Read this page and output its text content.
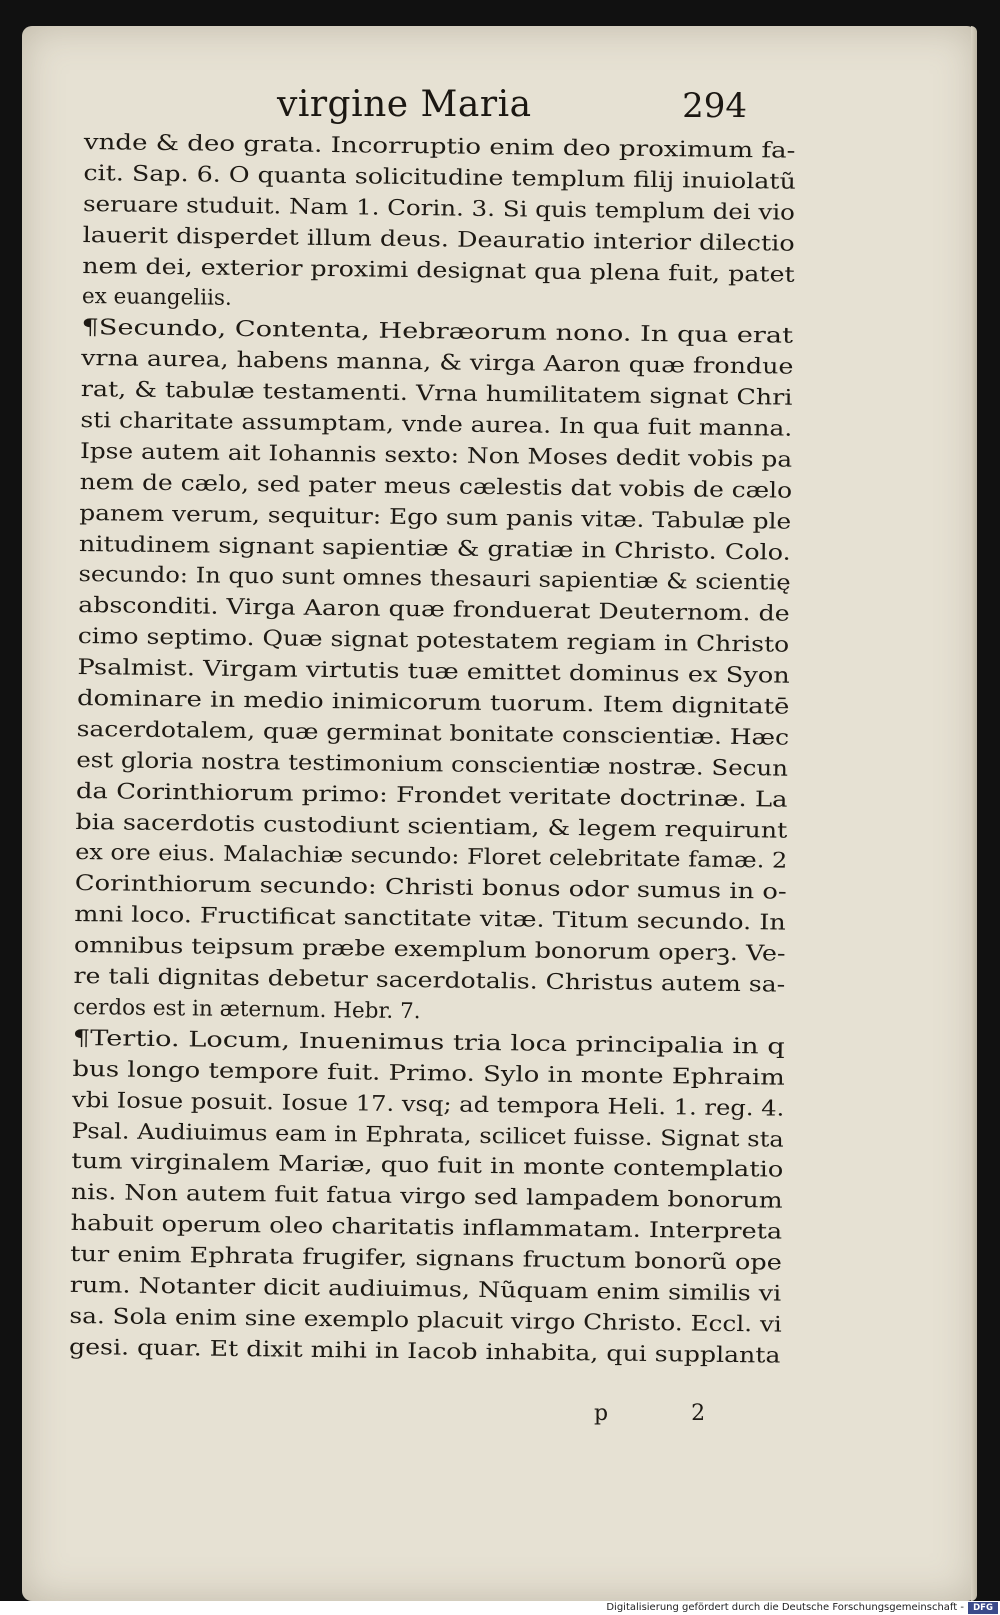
virgine Maria	294
vnde & deo grata. Incorruptio enim deo proximum fa-
cit. Sap. 6. O quanta solicitudine templum filij inuiolatũ
seruare studuit. Nam 1. Corin. 3. Si quis templum dei vio
lauerit disperdet illum deus. Deauratio interior dilectio
nem dei, exterior proximi designat qua plena fuit, patet
ex euangeliis.
¶Secundo, Contenta, Hebræorum nono. In qua erat
vrna aurea, habens manna, & virga Aaron quæ frondue
rat, & tabulæ testamenti. Vrna humilitatem signat Chri
sti charitate assumptam, vnde aurea. In qua fuit manna.
Ipse autem ait Iohannis sexto: Non Moses dedit vobis pa
nem de cælo, sed pater meus cælestis dat vobis de cælo
panem verum, sequitur: Ego sum panis vitæ. Tabulæ ple
nitudinem signant sapientiæ & gratiæ in Christo. Colo.
secundo: In quo sunt omnes thesauri sapientiæ & scientię
absconditi. Virga Aaron quæ fronduerat Deuternom. de
cimo septimo. Quæ signat potestatem regiam in Christo
Psalmist. Virgam virtutis tuæ emittet dominus ex Syon
dominare in medio inimicorum tuorum. Item dignitatē
sacerdotalem, quæ germinat bonitate conscientiæ. Hæc
est gloria nostra testimonium conscientiæ nostræ. Secun
da Corinthiorum primo: Frondet veritate doctrinæ. La
bia sacerdotis custodiunt scientiam, & legem requirunt
ex ore eius. Malachiæ secundo: Floret celebritate famæ. 2
Corinthiorum secundo: Christi bonus odor sumus in o-
mni loco. Fructificat sanctitate vitæ. Titum secundo. In
omnibus teipsum præbe exemplum bonorum operꝫ. Ve-
re tali dignitas debetur sacerdotalis. Christus autem sa-
cerdos est in æternum. Hebr. 7.
¶Tertio. Locum, Inuenimus tria loca principalia in q
bus longo tempore fuit. Primo. Sylo in monte Ephraim
vbi Iosue posuit. Iosue 17. vsq; ad tempora Heli. 1. reg. 4.
Psal. Audiuimus eam in Ephrata, scilicet fuisse. Signat sta
tum virginalem Mariæ, quo fuit in monte contemplatio
nis. Non autem fuit fatua virgo sed lampadem bonorum
habuit operum oleo charitatis inflammatam. Interpreta
tur enim Ephrata frugifer, signans fructum bonorũ ope
rum. Notanter dicit audiuimus, Nũquam enim similis vi
sa. Sola enim sine exemplo placuit virgo Christo. Eccl. vi
gesi. quar. Et dixit mihi in Iacob inhabita, qui supplanta
p 2
Digitalisierung gefördert durch die Deutsche Forschungsgemeinschaft -	DFG
